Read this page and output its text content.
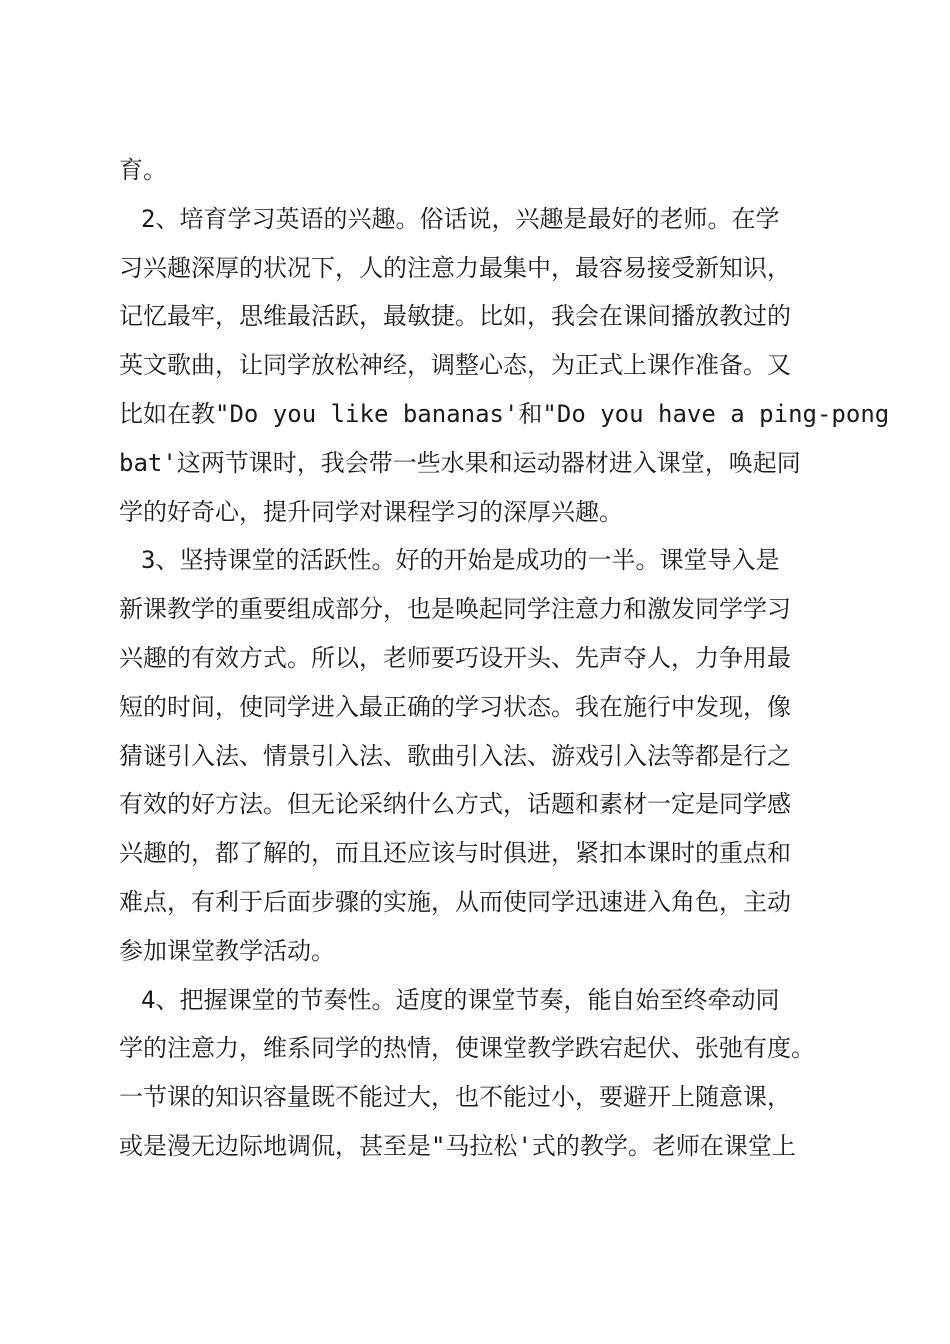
育。
2、培育学习英语的兴趣。俗话说，兴趣是最好的老师。在学
习兴趣深厚的状况下，人的注意力最集中，最容易接受新知识，
记忆最牢，思维最活跃，最敏捷。比如，我会在课间播放教过的
英文歌曲，让同学放松神经，调整心态，为正式上课作准备。又
比如在教"Do you like bananas'和"Do you have a ping-pong
bat'这两节课时，我会带一些水果和运动器材进入课堂，唤起同
学的好奇心，提升同学对课程学习的深厚兴趣。
3、坚持课堂的活跃性。好的开始是成功的一半。课堂导入是
新课教学的重要组成部分，也是唤起同学注意力和激发同学学习
兴趣的有效方式。所以，老师要巧设开头、先声夺人，力争用最
短的时间，使同学进入最正确的学习状态。我在施行中发现，像
猜谜引入法、情景引入法、歌曲引入法、游戏引入法等都是行之
有效的好方法。但无论采纳什么方式，话题和素材一定是同学感
兴趣的，都了解的，而且还应该与时俱进，紧扣本课时的重点和
难点，有利于后面步骤的实施，从而使同学迅速进入角色，主动
参加课堂教学活动。
4、把握课堂的节奏性。适度的课堂节奏，能自始至终牵动同
学的注意力，维系同学的热情，使课堂教学跌宕起伏、张弛有度。
一节课的知识容量既不能过大，也不能过小，要避开上随意课，
或是漫无边际地调侃，甚至是"马拉松'式的教学。老师在课堂上
